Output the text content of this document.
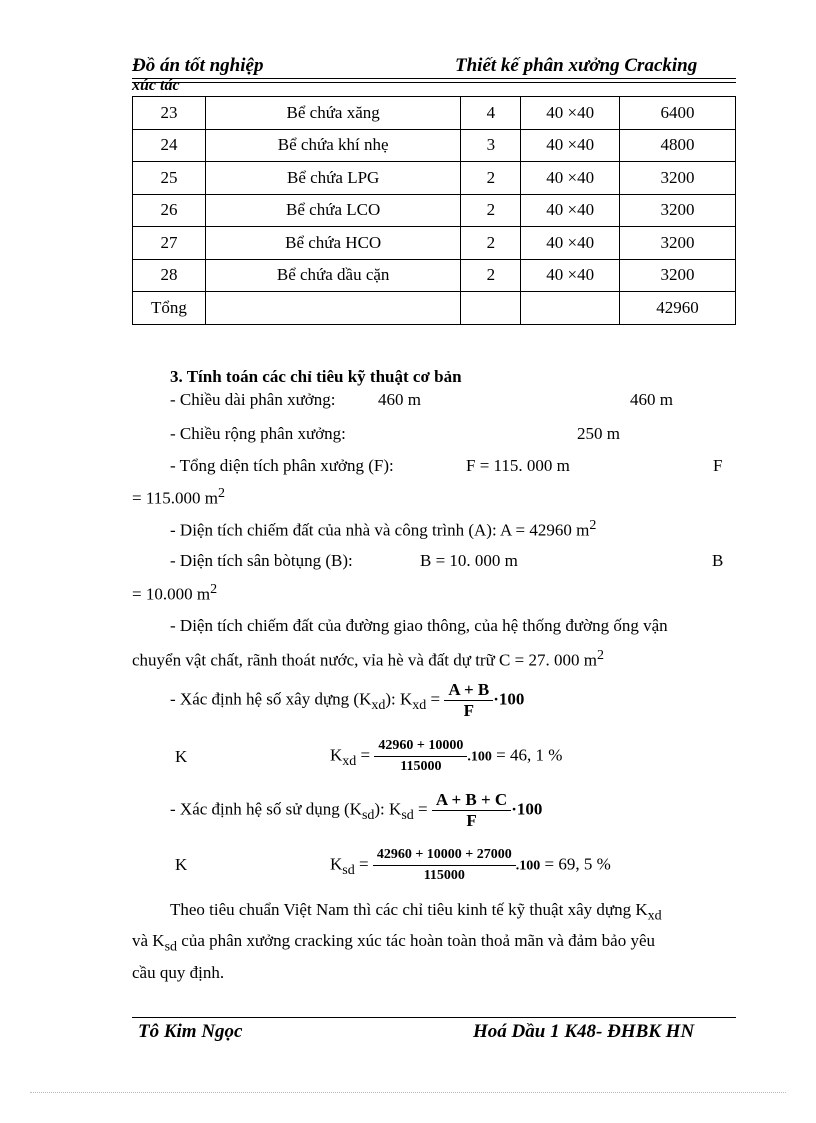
Đồ án tốt nghiệp	Thiết kế phân xưởng Cracking
xúc tác
23	Bể chứa xăng	4	40 ×40	6400
24	Bể chứa khí nhẹ	3	40 ×40	4800
25	Bể chứa LPG	2	40 ×40	3200
26	Bể chứa LCO	2	40 ×40	3200
27	Bể chứa HCO	2	40 ×40	3200
28	Bể chứa dầu cặn	2	40 ×40	3200
Tổng				42960
3. Tính toán các chỉ tiêu kỹ thuật cơ bản
- Chiều dài phân xưởng: 460 m	460 m
- Chiều rộng phân xưởng:	250 m
- Tổng diện tích phân xưởng (F):	F = 115. 000 m	F
= 115.000 $m^2$
- Diện tích chiếm đất của nhà và công trình (A): A = 42960 $m^2$
- Diện tích sân bòtụng (B):	B = 10. 000 m	B
= 10.000 $m^2$
- Diện tích chiếm đất của đường giao thông, của hệ thống đường ống vận
chuyển vật chất, rãnh thoát nước, vỉa hè và đất dự trữ C = 27. 000 $m^2$
- Xác định hệ số xây dựng $(K_{xd})$: $K_{xd} = \frac{A + B}{F} \cdot 100$
K	$K_{xd} = \frac{42960 + 10000}{115000} .100 = 46$, 1 %
- Xác định hệ số sử dụng $(K_{sd})$: $K_{sd} = \frac{A + B + C}{F} \cdot 100$
K	$K_{sd} = \frac{42960 + 10000 + 27000}{115000} .100 = 69$, 5 %
Theo tiêu chuẩn Việt Nam thì các chỉ tiêu kinh tế kỹ thuật xây dựng $K_{xd}$
và $K_{sd}$ của phân xưởng cracking xúc tác hoàn toàn thoả mãn và đảm bảo yêu
cầu quy định.
Tô Kim Ngọc	Hoá Dầu 1 K48- ĐHBK HN
